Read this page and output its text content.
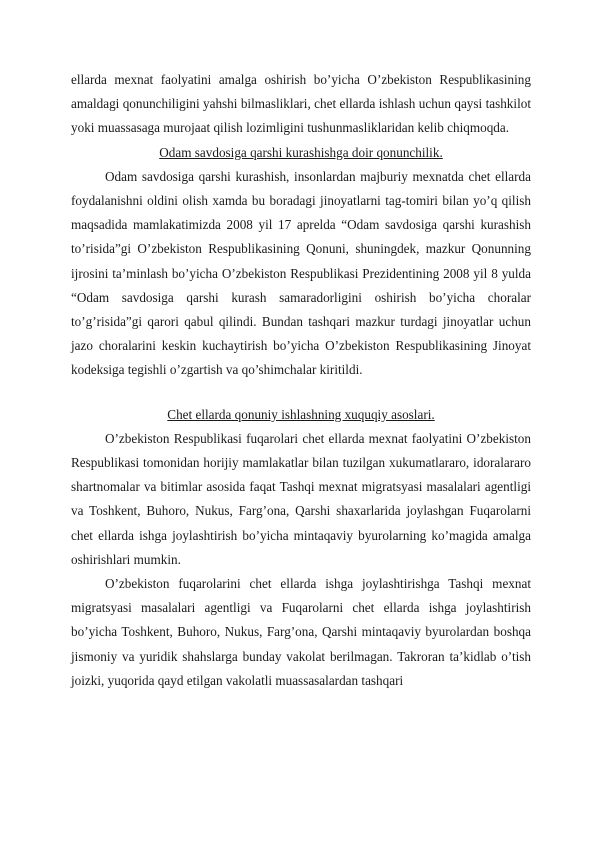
ellarda mexnat faolyatini amalga oshirish bo’yicha O’zbekiston Respublikasining amaldagi qonunchiligini yahshi bilmasliklari, chet ellarda ishlash uchun qaysi tashkilot yoki muassasaga murojaat qilish lozimligini tushunmasliklaridan kelib chiqmoqda.

Odam savdosiga qarshi kurashishga doir qonunchilik.

Odam savdosiga qarshi kurashish, insonlardan majburiy mexnatda chet ellarda foydalanishni oldini olish xamda bu boradagi jinoyatlarni tag-tomiri bilan yo’q qilish maqsadida mamlakatimizda 2008 yil 17 aprelda “Odam savdosiga qarshi kurashish to’risida”gi O’zbekiston Respublikasining Qonuni, shuningdek, mazkur Qonunning ijrosini ta’minlash bo’yicha O’zbekiston Respublikasi Prezidentining 2008 yil 8 yulda “Odam savdosiga qarshi kurash samaradorligini oshirish bo’yicha choralar to’g’risida”gi qarori qabul qilindi. Bundan tashqari mazkur turdagi jinoyatlar uchun jazo choralarini keskin kuchaytirish bo’yicha O’zbekiston Respublikasining Jinoyat kodeksiga tegishli o’zgartish va qo’shimchalar kiritildi.

Chet ellarda qonuniy ishlashning xuquqiy asoslari.

O’zbekiston Respublikasi fuqarolari chet ellarda mexnat faolyatini O’zbekiston Respublikasi tomonidan horijiy mamlakatlar bilan tuzilgan xukumatlararo, idoralararo shartnomalar va bitimlar asosida faqat Tashqi mexnat migratsyasi masalalari agentligi va Toshkent, Buhoro, Nukus, Farg’ona, Qarshi shaxarlarida joylashgan Fuqarolarni chet ellarda ishga joylashtirish bo’yicha mintaqaviy byurolarning ko’magida amalga oshirishlari mumkin.

O’zbekiston fuqarolarini chet ellarda ishga joylashtirishga Tashqi mexnat migratsyasi masalalari agentligi va Fuqarolarni chet ellarda ishga joylashtirish bo’yicha Toshkent, Buhoro, Nukus, Farg’ona, Qarshi mintaqaviy byurolardan boshqa jismoniy va yuridik shahslarga bunday vakolat berilmagan. Takroran ta’kidlab o’tish joizki, yuqorida qayd etilgan vakolatli muassasalardan tashqari
